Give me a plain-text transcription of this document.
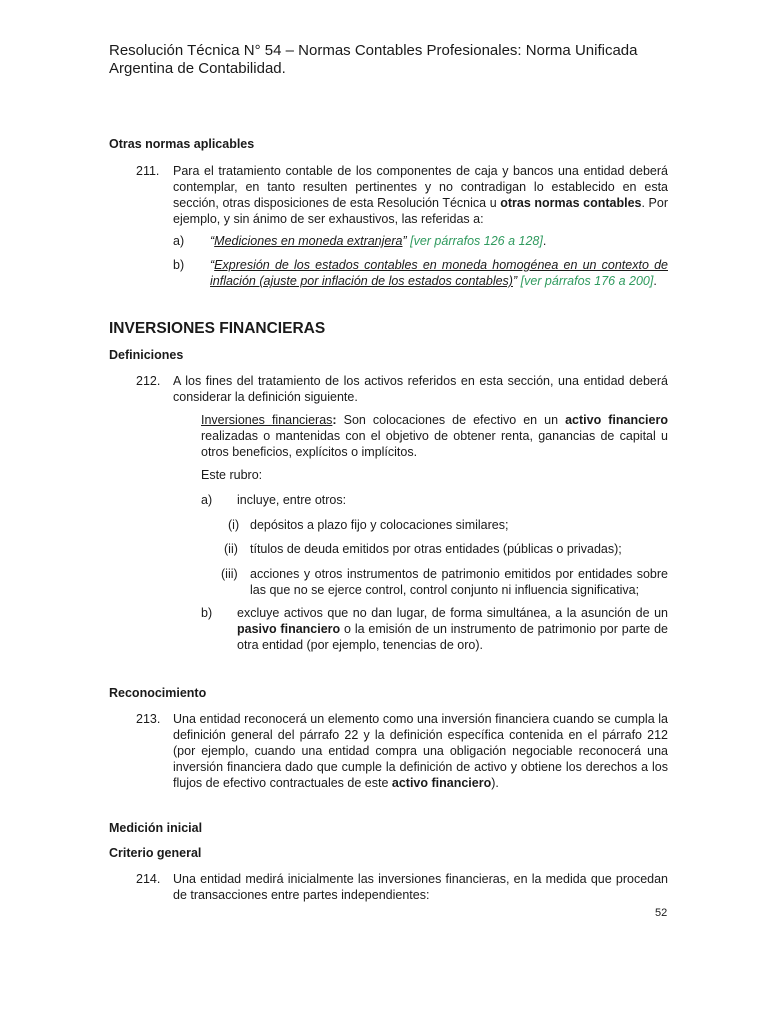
Resolución Técnica N° 54 – Normas Contables Profesionales: Norma Unificada
Argentina de Contabilidad.
Otras normas aplicables
211.	Para el tratamiento contable de los componentes de caja y bancos una entidad deberá contemplar, en tanto resulten pertinentes y no contradigan lo establecido en esta sección, otras disposiciones de esta Resolución Técnica u otras normas contables. Por ejemplo, y sin ánimo de ser exhaustivos, las referidas a:
a) “Mediciones en moneda extranjera” [ver párrafos 126 a 128].
b) “Expresión de los estados contables en moneda homogénea en un contexto de inflación (ajuste por inflación de los estados contables)” [ver párrafos 176 a 200].
INVERSIONES FINANCIERAS
Definiciones
212.	A los fines del tratamiento de los activos referidos en esta sección, una entidad deberá considerar la definición siguiente.
Inversiones financieras: Son colocaciones de efectivo en un activo financiero realizadas o mantenidas con el objetivo de obtener renta, ganancias de capital u otros beneficios, explícitos o implícitos.
Este rubro:
a) incluye, entre otros:
(i) depósitos a plazo fijo y colocaciones similares;
(ii) títulos de deuda emitidos por otras entidades (públicas o privadas);
(iii) acciones y otros instrumentos de patrimonio emitidos por entidades sobre las que no se ejerce control, control conjunto ni influencia significativa;
b) excluye activos que no dan lugar, de forma simultánea, a la asunción de un pasivo financiero o la emisión de un instrumento de patrimonio por parte de otra entidad (por ejemplo, tenencias de oro).
Reconocimiento
213.	Una entidad reconocerá un elemento como una inversión financiera cuando se cumpla la definición general del párrafo 22 y la definición específica contenida en el párrafo 212 (por ejemplo, cuando una entidad compra una obligación negociable reconocerá una inversión financiera dado que cumple la definición de activo y obtiene los derechos a los flujos de efectivo contractuales de este activo financiero).
Medición inicial
Criterio general
214.	Una entidad medirá inicialmente las inversiones financieras, en la medida que procedan de transacciones entre partes independientes:
52
